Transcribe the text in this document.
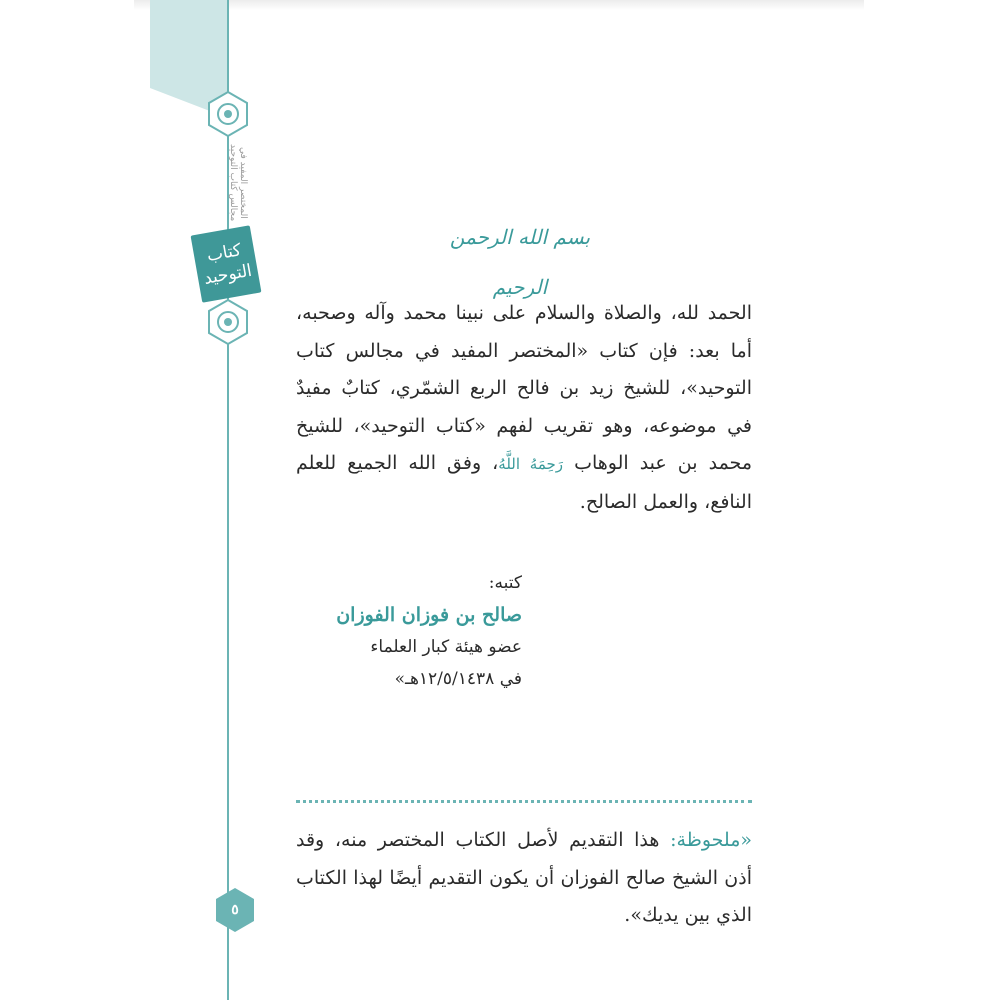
المختصر المفيد في مجالس كتاب التوحيد
كتاب
التوحيد
٥
بسم الله الرحمن الرحيم

الحمد لله، والصلاة والسلام على نبينا محمد وآله وصحبه، أما بعد: فإن كتاب «المختصر المفيد في مجالس كتاب التوحيد»، للشيخ زيد بن فالح الربع الشمّري، كتابٌ مفيدٌ في موضوعه، وهو تقريب لفهم «كتاب التوحيد»، للشيخ محمد بن عبد الوهاب رَحِمَهُ اللَّهُ، وفق الله الجميع للعلم النافع، والعمل الصالح.

كتبه:
صالح بن فوزان الفوزان
عضو هيئة كبار العلماء
في ١٢/٥/١٤٣٨هـ»

«ملحوظة: هذا التقديم لأصل الكتاب المختصر منه، وقد أذن الشيخ صالح الفوزان أن يكون التقديم أيضًا لهذا الكتاب الذي بين يديك».
